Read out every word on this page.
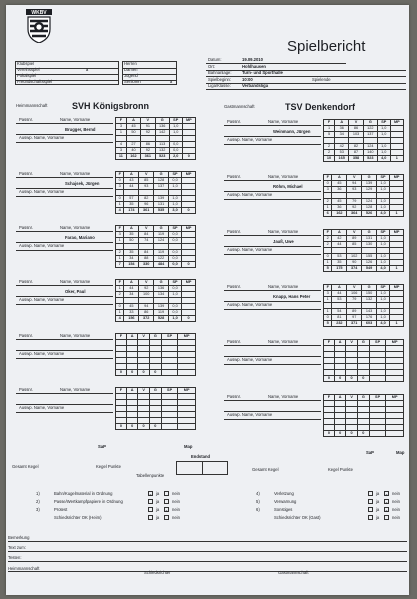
WKBV
Spielbericht
Heimmannschaft	SVH Königsbronn	Gastmannschaft	TSV Denkendorf
SaP	Map
SaP	Map
Endstand
Gesamt Kegel	Kegel Punkte
Gesamt Kegel	Kegel Punkte
Tabellenpunkte
Bemerkung
Text zum:
Testen:
Heimmannschaft
Schiedsrichter	Gastmannschaft
Klubspiel
Vereinsspiel	x
Pokalspiel
Freundschaftsspiel
Herren
Damen
Jugend
Senioren	x
Datum:	19.09.2010
Ort:	Hohlhausen
Bahnanlage: Turn- und Sporthalle
Spielbeginn:	10:00
Liga/Klasse:	Verbandsliga
Spielende
Passnr.	Name, Vorname
Brugger, Bernd
Auswp. Name, Vorname
F	A	V	G	SP	MP
3	45	91	136	1,0	
1	50	92	142	1,0	

4	27	86	113	0,0	
3	40	92	132	0,0	
11	162	361	523	2,0	0
Passnr.	Name, Vorname
Schajsek, Jürgen
Auswp. Name, Vorname
F	A	V	G	SP	MP
0	43	85	128	0,0	
3	44	93	137	1,0	

0	57	82	139	1,0	
1	35	96	131	1,0	
4	174	361	535	3,0	0
Passnr.	Name, Vorname
Farao, Mariano
Auswp. Name, Vorname
F	A	V	G	SP	MP
3	35	84	119	0,0	
1	50	74	124	0,0	

2	35	84	119	0,0	
1	34	88	122	0,0	
7	154	330	484	0,0	0
Passnr.	Name, Vorname
Oker, Paul
Auswp. Name, Vorname
F	A	V	G	SP	MP
1	44	92	136	0,0	
2	34	100	134	1,0	

0	45	94	139	0,0	
1	33	86	119	0,0	
4	156	372	528	1,0	0
Passnr.	Name, Vorname
Auswp. Name, Vorname
F	A	V	G	SP	MP

0	0	0	0		
Passnr.	Name, Vorname
Auswp. Name, Vorname
F	A	V	G	SP	MP

0	0	0	0		
Passnr.	Name, Vorname
Weinmann, Jürgen
Auswp. Name, Vorname
F	A	V	G	SP	MP
1	36	86	122	1,0	
5	34	103	137	1,0	

2	42	82	124	1,0	
2	53	87	140	1,0	
10	165	358	523	4,0	1
Passnr.	Name, Vorname
Röhm, Michael
Auswp. Name, Vorname
F	A	V	G	SP	MP
0	45	94	139	1,0	
3	36	93	129	1,0	

2	45	79	124	1,0	
1	36	92	128	1,0	
6	162	364	526	4,0	1
Passnr.	Name, Vorname
Jauß, Uwe
Auswp. Name, Vorname
F	A	V	G	SP	MP
2	42	89	131	1,0	
2	44	85	130	1,0	

0	53	102	155	1,0	
1	35	90	126	1,0	
5	175	374	549	4,0	1
Passnr.	Name, Vorname
Knapp, Hans Peter
Auswp. Name, Vorname
F	A	V	G	SP	MP
3	44	106	150	1,0	
1	53	79	132	1,0	

1	54	89	143	1,0	
0	81	97	176	1,0	
5	232	371	603	4,0	1
Passnr.	Name, Vorname
Auswp. Name, Vorname
F	A	V	G	SP	MP

0	0	0	0		
Passnr.	Name, Vorname
Auswp. Name, Vorname
F	A	V	G	SP	MP

0	0	0	0		
1)	Bahn/Kugelmaterial in Ordnung	x	ja	nein
2)	Passe/Wertkampfpapiere in Ordnung	ja	nein
3)	Protest	ja	x	nein
Schiedsrichter OK (Heim)	ja	nein
4)	Verletzung	ja	x	nein
5)	Verwarnung	ja	x	nein
6)	Sonstiges	ja	x	nein
Schiedsrichter OK (Gast)	ja	nein
